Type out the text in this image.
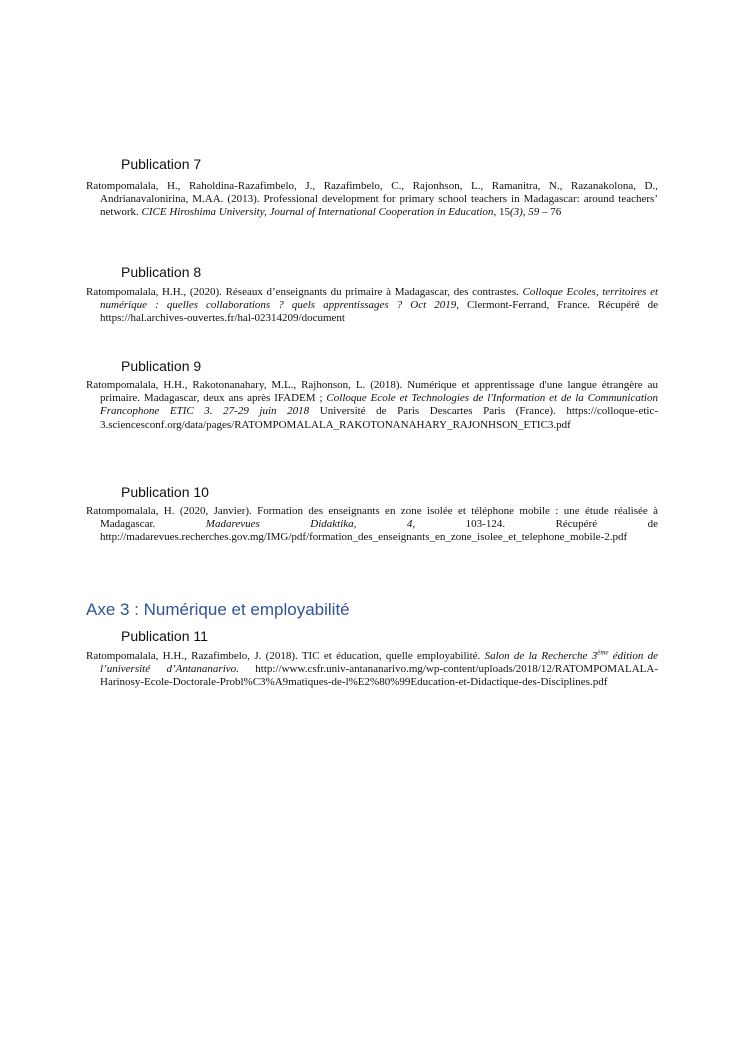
Publication 7

Ratompomalala, H., Raholdina-Razafimbelo, J., Razafimbelo, C., Rajonhson, L., Ramanitra, N., Razanakolona, D., Andrianavalonirina, M.AA. (2013). Professional development for primary school teachers in Madagascar: around teachers’ network. CICE Hiroshima University, Journal of International Cooperation in Education, 15(3), 59 – 76

Publication 8

Ratompomalala, H.H., (2020). Réseaux d’enseignants du primaire à Madagascar, des contrastes. Colloque Ecoles, territoires et numérique : quelles collaborations ? quels apprentissages ? Oct 2019, Clermont-Ferrand, France. Récupéré de https://hal.archives-ouvertes.fr/hal-02314209/document

Publication 9

Ratompomalala, H.H., Rakotonanahary, M.L., Rajhonson, L. (2018). Numérique et apprentissage d'une langue étrangère au primaire. Madagascar, deux ans après IFADEM ; Colloque Ecole et Technologies de l'Information et de la Communication Francophone ETIC 3. 27-29 juin 2018 Université de Paris Descartes Paris (France). https://colloque-etic-3.sciencesconf.org/data/pages/RATOMPOMALALA_RAKOTONANAHARY_RAJONHSON_ETIC3.pdf

Publication 10

Ratompomalala, H. (2020, Janvier). Formation des enseignants en zone isolée et téléphone mobile : une étude réalisée à Madagascar. Madarevues Didaktika, 4, 103-124. Récupéré de http://madarevues.recherches.gov.mg/IMG/pdf/formation_des_enseignants_en_zone_isolee_et_telephone_mobile-2.pdf

Axe 3 : Numérique et employabilité
Publication 11

Ratompomalala, H.H., Razafimbelo, J. (2018). TIC et éducation, quelle employabilité. Salon de la Recherche 3ème édition de l’université d’Antananarivo. http://www.csfr.univ-antananarivo.mg/wp-content/uploads/2018/12/RATOMPOMALALA-Harinosy-Ecole-Doctorale-Probl%C3%A9matiques-de-l%E2%80%99Education-et-Didactique-des-Disciplines.pdf
